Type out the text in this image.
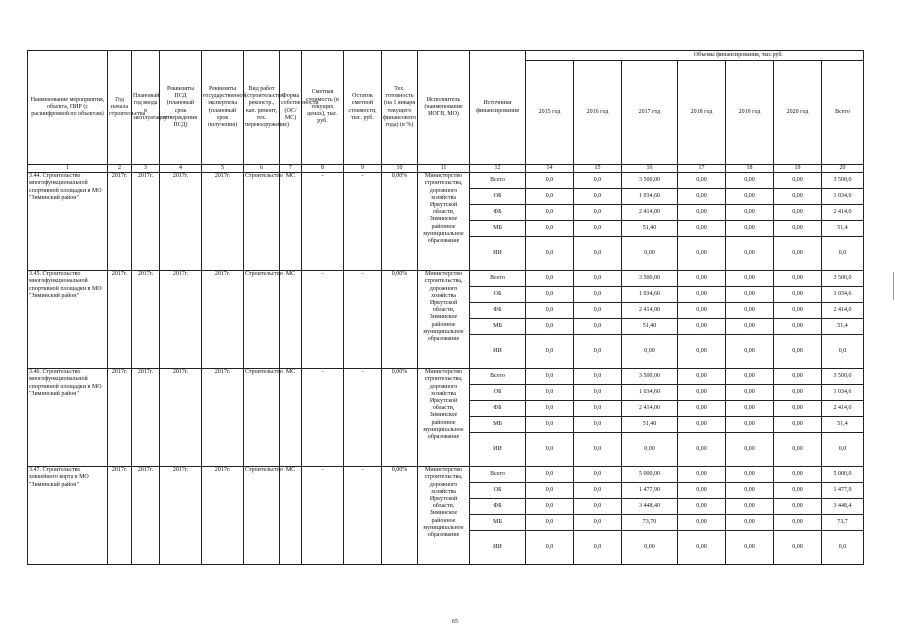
Наименование мероприятия, объекта, ПИР (с расшифровкой по объектам)	Год начала строительства	Плановый год ввода в эксплуатацию	Реквизиты ПСД (плановый срок утверждения ПСД)	Реквизиты государственной экспертизы (плановый срок получения)	Вид работ (строительство, реконстр., кап. ремонт, тех. перевооружение)	Форма собственности (ОС/МС)	Сметная стоимость (в текущих ценах), тыс. руб.	Остаток сметной стоимости, тыс. руб.	Тех. готовность (на 1 января текущего финансового года) (в %)	Исполнитель (наименование ИОГВ, МО)	Источники финансирования	Объемы финансирования, тыс.руб.						
												2015 год	2016 год	2017 год	2018 год	2019 год	2020 год	Всего
1	2	3	4	5	6	7	8	9	10	11	12	14	15	16	17	18	19	20
3.44. Строительство многофункциональной спортивной площадки в МО "Зиминский район"	2017г.	2017г.	2017г.	2017г.	Строительство	МС	-	-	0,00%	Министерство строительства, дорожного хозяйства Иркутской области, Зиминское районное муниципальное образование	Всего	0,0	0,0	3 500,00	0,00	0,00	0,00	3 500,0
											ОБ	0,0	0,0	1 034,60	0,00	0,00	0,00	1 034,6
											ФБ	0,0	0,0	2 414,00	0,00	0,00	0,00	2 414,0
											МБ	0,0	0,0	51,40	0,00	0,00	0,00	51,4
											ИИ	0,0	0,0	0,00	0,00	0,00	0,00	0,0
3.45. Строительство многофункциональной спортивной площадки в МО "Зиминский район"	2017г.	2017г.	2017г.	2017г.	Строительство	МС	-	-	0,00%	Министерство строительства, дорожного хозяйства Иркутской области, Зиминское районное муниципальное образование	Всего	0,0	0,0	3 500,00	0,00	0,00	0,00	3 500,0
											ОБ	0,0	0,0	1 034,60	0,00	0,00	0,00	1 034,6
											ФБ	0,0	0,0	2 414,00	0,00	0,00	0,00	2 414,0
											МБ	0,0	0,0	51,40	0,00	0,00	0,00	51,4
											ИИ	0,0	0,0	0,00	0,00	0,00	0,00	0,0
3.46. Строительство многофункциональной спортивной площадки в МО "Зиминский район"	2017г.	2017г.	2017г.	2017г.	Строительство	МС	-	-	0,00%	Министерство строительства, дорожного хозяйства Иркутской области, Зиминское районное муниципальное образование	Всего	0,0	0,0	3 500,00	0,00	0,00	0,00	3 500,0
											ОБ	0,0	0,0	1 034,60	0,00	0,00	0,00	1 034,6
											ФБ	0,0	0,0	2 414,00	0,00	0,00	0,00	2 414,0
											МБ	0,0	0,0	51,40	0,00	0,00	0,00	51,4
											ИИ	0,0	0,0	0,00	0,00	0,00	0,00	0,0
3.47. Строительство хоккейного корта в МО "Зиминский район"	2017г.	2017г.	2017г.	2017г.	Строительство	МС	-	-	0,00%	Министерство строительства, дорожного хозяйства Иркутской области, Зиминское районное муниципальное образование	Всего	0,0	0,0	5 000,00	0,00	0,00	0,00	5 000,0
											ОБ	0,0	0,0	1 477,90	0,00	0,00	0,00	1 477,9
											ФБ	0,0	0,0	3 448,40	0,00	0,00	0,00	3 448,4
											МБ	0,0	0,0	73,70	0,00	0,00	0,00	73,7
											ИИ	0,0	0,0	0,00	0,00	0,00	0,00	0,0
65
